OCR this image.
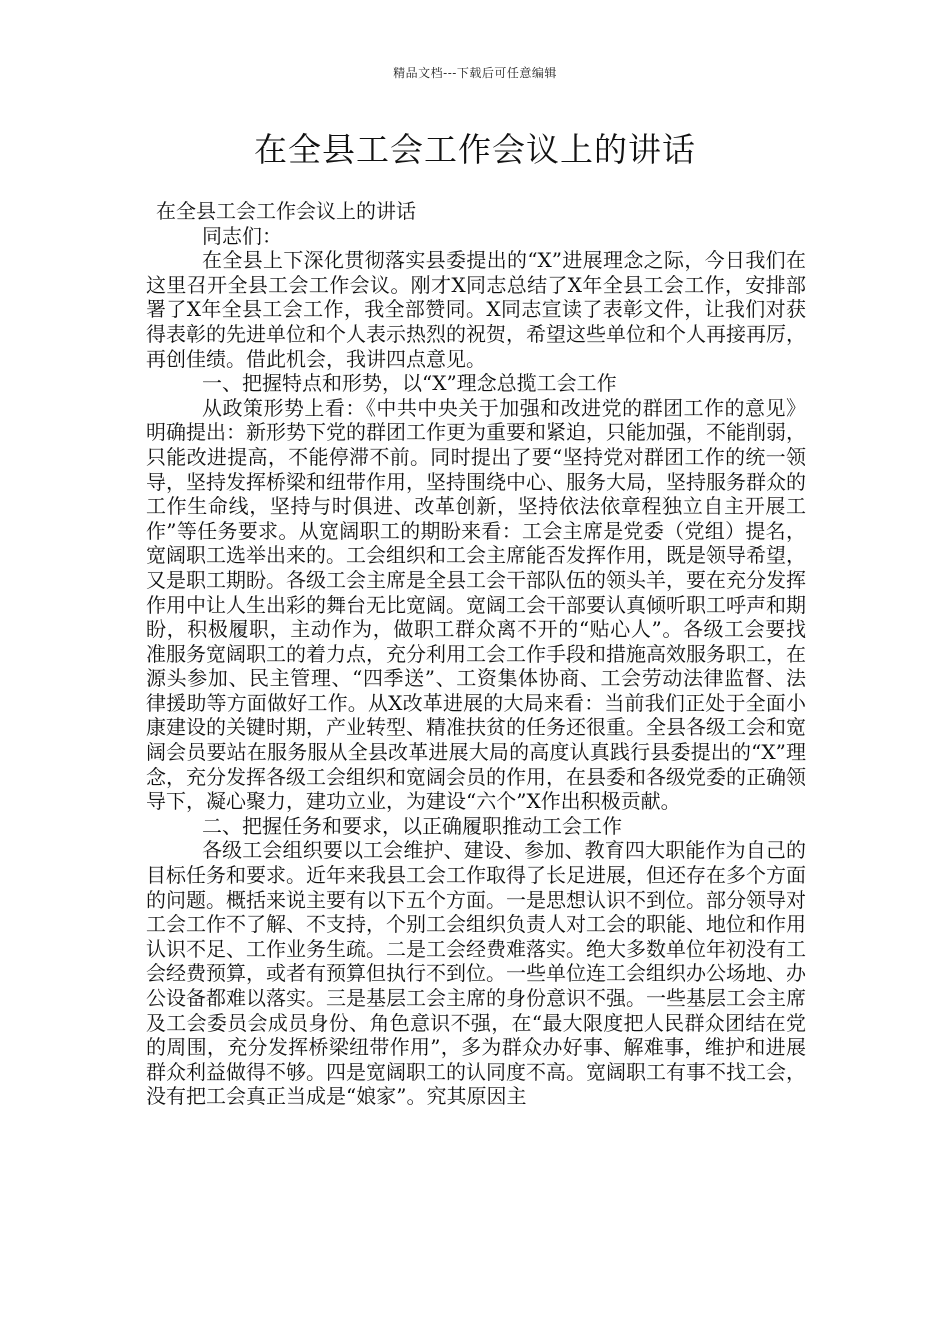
精品文档---下载后可任意编辑
在全县工会工作会议上的讲话

在全县工会工作会议上的讲话

同志们：

在全县上下深化贯彻落实县委提出的“X”进展理念之际，今日我们在这里召开全县工会工作会议。刚才X同志总结了X年全县工会工作，安排部署了X年全县工会工作，我全部赞同。X同志宣读了表彰文件，让我们对获得表彰的先进单位和个人表示热烈的祝贺，希望这些单位和个人再接再厉，再创佳绩。借此机会，我讲四点意见。

一、把握特点和形势，以“X”理念总揽工会工作

从政策形势上看：《中共中央关于加强和改进党的群团工作的意见》明确提出：新形势下党的群团工作更为重要和紧迫，只能加强，不能削弱，只能改进提高，不能停滞不前。同时提出了要“坚持党对群团工作的统一领导，坚持发挥桥梁和纽带作用，坚持围绕中心、服务大局，坚持服务群众的工作生命线，坚持与时俱进、改革创新，坚持依法依章程独立自主开展工作”等任务要求。从宽阔职工的期盼来看：工会主席是党委（党组）提名，宽阔职工选举出来的。工会组织和工会主席能否发挥作用，既是领导希望，又是职工期盼。各级工会主席是全县工会干部队伍的领头羊，要在充分发挥作用中让人生出彩的舞台无比宽阔。宽阔工会干部要认真倾听职工呼声和期盼，积极履职，主动作为，做职工群众离不开的“贴心人”。各级工会要找准服务宽阔职工的着力点，充分利用工会工作手段和措施高效服务职工，在源头参加、民主管理、“四季送”、工资集体协商、工会劳动法律监督、法律援助等方面做好工作。从X改革进展的大局来看：当前我们正处于全面小康建设的关键时期，产业转型、精准扶贫的任务还很重。全县各级工会和宽阔会员要站在服务服从全县改革进展大局的高度认真践行县委提出的“X”理念，充分发挥各级工会组织和宽阔会员的作用，在县委和各级党委的正确领导下，凝心聚力，建功立业，为建设“六个”X作出积极贡献。

二、把握任务和要求，以正确履职推动工会工作

各级工会组织要以工会维护、建设、参加、教育四大职能作为自己的目标任务和要求。近年来我县工会工作取得了长足进展，但还存在多个方面的问题。概括来说主要有以下五个方面。一是思想认识不到位。部分领导对工会工作不了解、不支持，个别工会组织负责人对工会的职能、地位和作用认识不足、工作业务生疏。二是工会经费难落实。绝大多数单位年初没有工会经费预算，或者有预算但执行不到位。一些单位连工会组织办公场地、办公设备都难以落实。三是基层工会主席的身份意识不强。一些基层工会主席及工会委员会成员身份、角色意识不强，在“最大限度把人民群众团结在党的周围，充分发挥桥梁纽带作用”，多为群众办好事、解难事，维护和进展群众利益做得不够。四是宽阔职工的认同度不高。宽阔职工有事不找工会，没有把工会真正当成是“娘家”。究其原因主
